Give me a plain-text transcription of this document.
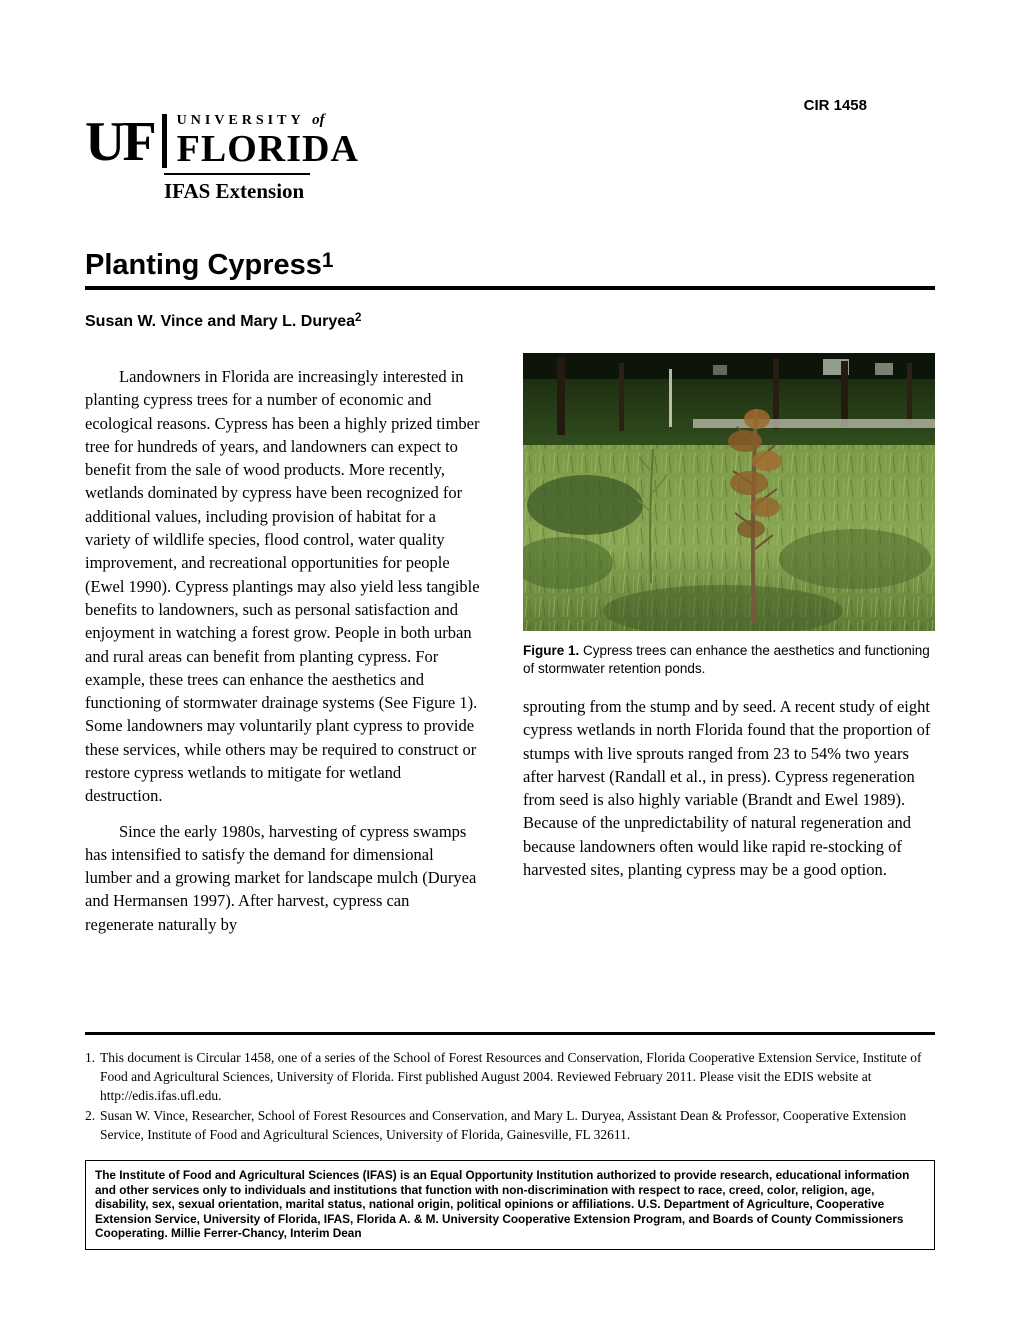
CIR 1458
UF UNIVERSITY of
FLORIDA
IFAS Extension
Planting Cypress$^1$
Susan W. Vince and Mary L. Duryea$^2$

Landowners in Florida are increasingly interested in planting cypress trees for a number of economic and ecological reasons. Cypress has been a highly prized timber tree for hundreds of years, and landowners can expect to benefit from the sale of wood products. More recently, wetlands dominated by cypress have been recognized for additional values, including provision of habitat for a variety of wildlife species, flood control, water quality improvement, and recreational opportunities for people (Ewel 1990). Cypress plantings may also yield less tangible benefits to landowners, such as personal satisfaction and enjoyment in watching a forest grow. People in both urban and rural areas can benefit from planting cypress. For example, these trees can enhance the aesthetics and functioning of stormwater drainage systems (See Figure 1). Some landowners may voluntarily plant cypress to provide these services, while others may be required to construct or restore cypress wetlands to mitigate for wetland destruction.

Since the early 1980s, harvesting of cypress swamps has intensified to satisfy the demand for dimensional lumber and a growing market for landscape mulch (Duryea and Hermansen 1997). After harvest, cypress can regenerate naturally by

Figure 1. Cypress trees can enhance the aesthetics and functioning of stormwater retention ponds.

sprouting from the stump and by seed. A recent study of eight cypress wetlands in north Florida found that the proportion of stumps with live sprouts ranged from 23 to 54% two years after harvest (Randall et al., in press). Cypress regeneration from seed is also highly variable (Brandt and Ewel 1989). Because of the unpredictability of natural regeneration and because landowners often would like rapid re-stocking of harvested sites, planting cypress may be a good option.

1. This document is Circular 1458, one of a series of the School of Forest Resources and Conservation, Florida Cooperative Extension Service, Institute of Food and Agricultural Sciences, University of Florida. First published August 2004. Reviewed February 2011. Please visit the EDIS website at http://edis.ifas.ufl.edu.
2. Susan W. Vince, Researcher, School of Forest Resources and Conservation, and Mary L. Duryea, Assistant Dean & Professor, Cooperative Extension Service, Institute of Food and Agricultural Sciences, University of Florida, Gainesville, FL 32611.

The Institute of Food and Agricultural Sciences (IFAS) is an Equal Opportunity Institution authorized to provide research, educational information and other services only to individuals and institutions that function with non-discrimination with respect to race, creed, color, religion, age, disability, sex, sexual orientation, marital status, national origin, political opinions or affiliations. U.S. Department of Agriculture, Cooperative Extension Service, University of Florida, IFAS, Florida A. & M. University Cooperative Extension Program, and Boards of County Commissioners Cooperating. Millie Ferrer-Chancy, Interim Dean
